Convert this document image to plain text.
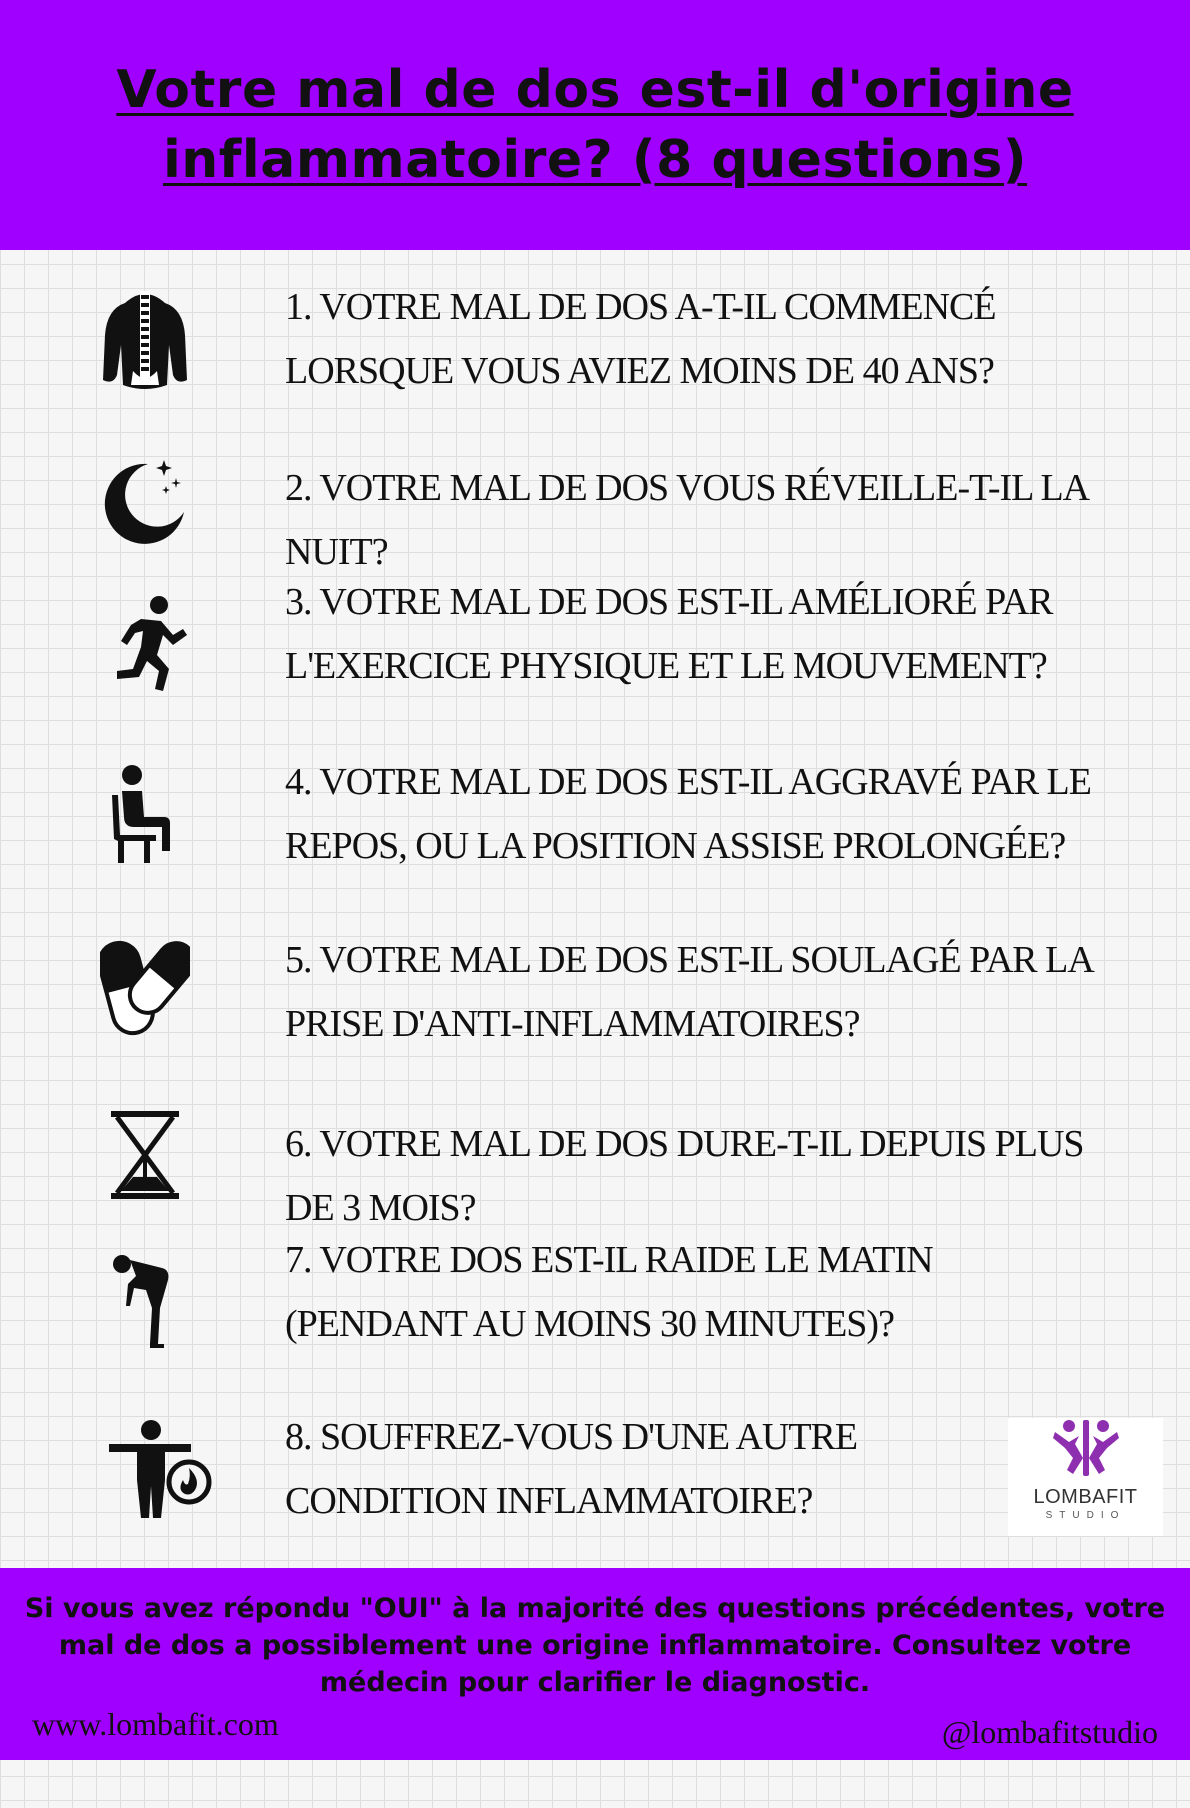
Votre mal de dos est-il d'origine inflammatoire? (8 questions)
1. VOTRE MAL DE DOS A-T-IL COMMENCÉ LORSQUE VOUS AVIEZ MOINS DE 40 ANS?
2. VOTRE MAL DE DOS VOUS RÉVEILLE-T-IL LA NUIT?
3. VOTRE MAL DE DOS EST-IL AMÉLIORÉ PAR L'EXERCICE PHYSIQUE ET LE MOUVEMENT?
4. VOTRE MAL DE DOS EST-IL AGGRAVÉ PAR LE REPOS, OU LA POSITION ASSISE PROLONGÉE?
5. VOTRE MAL DE DOS EST-IL SOULAGÉ PAR LA PRISE D'ANTI-INFLAMMATOIRES?
6. VOTRE MAL DE DOS DURE-T-IL DEPUIS PLUS DE 3 MOIS?
7. VOTRE DOS EST-IL RAIDE LE MATIN (PENDANT AU MOINS 30 MINUTES)?
8. SOUFFREZ-VOUS D'UNE AUTRE CONDITION INFLAMMATOIRE?	LOMBAFIT
STUDIO
Si vous avez répondu "OUI" à la majorité des questions précédentes, votre mal de dos a possiblement une origine inflammatoire. Consultez votre médecin pour clarifier le diagnostic.
www.lombafit.com	@lombafitstudio
